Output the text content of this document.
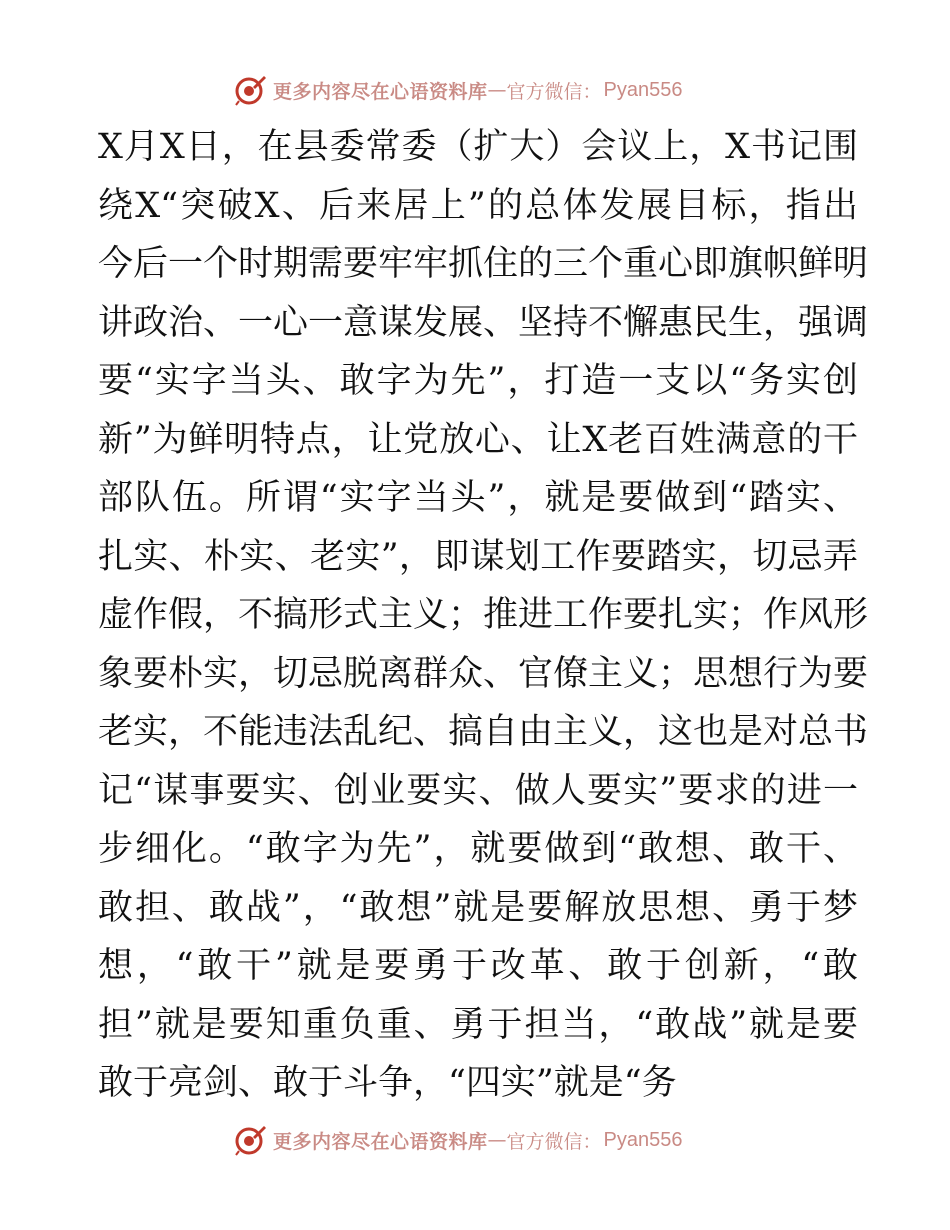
更多内容尽在心语资料库 — 官方微信： Pyan556
X月X日，在县委常委（扩大）会议上，X书记围
绕X“突破X、后来居上”的总体发展目标，指出
今后一个时期需要牢牢抓住的三个重心即旗帜鲜明
讲政治、一心一意谋发展、坚持不懈惠民生，强调
要“实字当头、敢字为先”，打造一支以“务实创
新”为鲜明特点，让党放心、让X老百姓满意的干
部队伍。所谓“实字当头”，就是要做到“踏实、
扎实、朴实、老实”，即谋划工作要踏实，切忌弄
虚作假，不搞形式主义；推进工作要扎实；作风形
象要朴实，切忌脱离群众、官僚主义；思想行为要
老实，不能违法乱纪、搞自由主义，这也是对总书
记“谋事要实、创业要实、做人要实”要求的进一
步细化。“敢字为先”，就要做到“敢想、敢干、
敢担、敢战”，“敢想”就是要解放思想、勇于梦
想，“敢干”就是要勇于改革、敢于创新，“敢
担”就是要知重负重、勇于担当，“敢战”就是要
敢于亮剑、敢于斗争，“四实”就是“务
更多内容尽在心语资料库 — 官方微信： Pyan556
